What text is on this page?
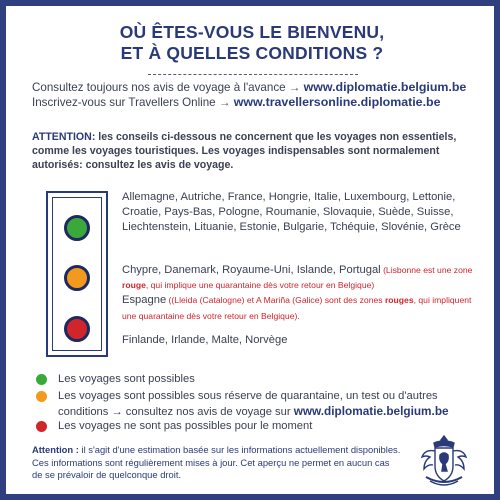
OÙ ÊTES-VOUS LE BIENVENU,
ET À QUELLES CONDITIONS ?
Consultez toujours nos avis de voyage à l'avance → www.diplomatie.belgium.be
Inscrivez-vous sur Travellers Online → www.travellersonline.diplomatie.be
ATTENTION: les conseils ci-dessous ne concernent que les voyages non essentiels, comme les voyages touristiques. Les voyages indispensables sont normalement autorisés: consultez les avis de voyage.
Allemagne, Autriche, France, Hongrie, Italie, Luxembourg, Lettonie, Croatie, Pays-Bas, Pologne, Roumanie, Slovaquie, Suède, Suisse, Liechtenstein, Lituanie, Estonie, Bulgarie, Tchéquie, Slovénie, Grèce
Chypre, Danemark, Royaume-Uni, Islande, Portugal (Lisbonne est une zone rouge, qui implique une quarantaine dès votre retour en Belgique)
Espagne ((Lleida (Catalogne) et A Mariña (Galice) sont des zones rouges, qui impliquent une quarantaine dès votre retour en Belgique).
Finlande, Irlande, Malte, Norvège
Les voyages sont possibles
Les voyages sont possibles sous réserve de quarantaine, un test ou d'autres conditions → consultez nos avis de voyage sur www.diplomatie.belgium.be
Les voyages ne sont pas possibles pour le moment
Attention : il s'agit d'une estimation basée sur les informations actuellement disponibles. Ces informations sont régulièrement mises à jour. Cet aperçu ne permet en aucun cas de se prévaloir de quelconque droit.
